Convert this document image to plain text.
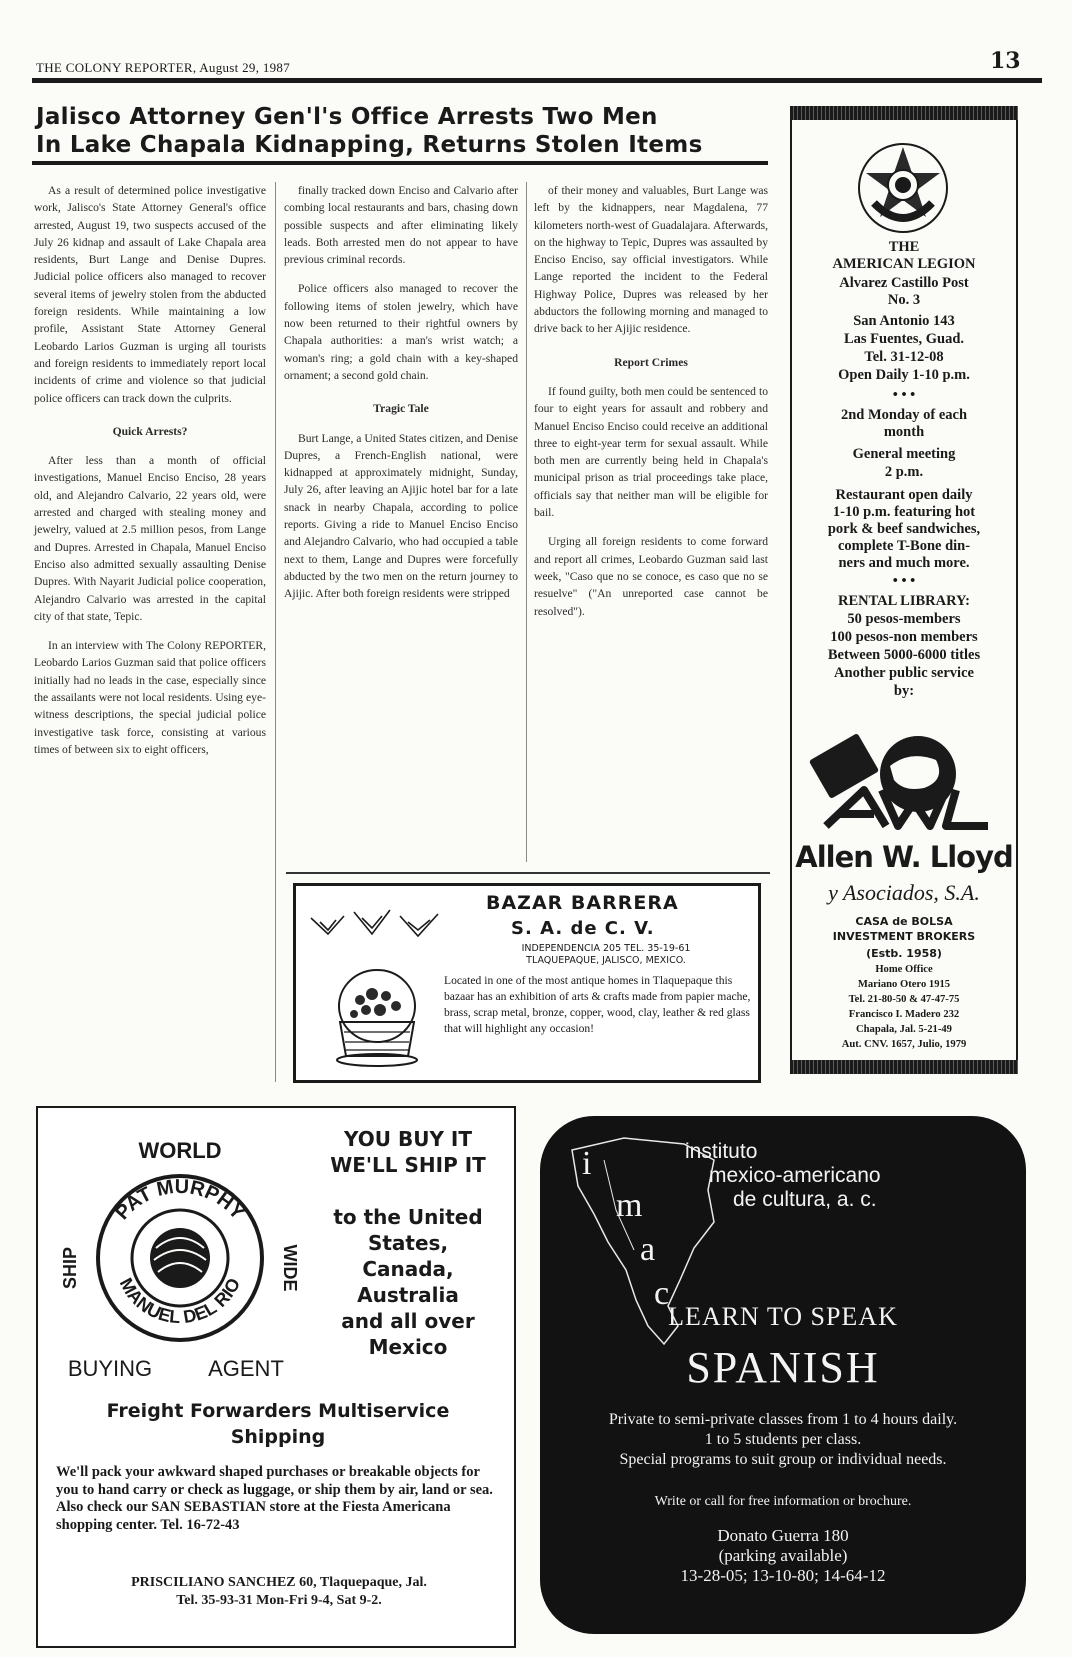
THE COLONY REPORTER, August 29, 1987	13
Jalisco Attorney Gen'l's Office Arrests Two Men
In Lake Chapala Kidnapping, Returns Stolen Items

As a result of determined police investigative work, Jalisco's State Attorney General's office arrested, August 19, two suspects accused of the July 26 kidnap and assault of Lake Chapala area residents, Burt Lange and Denise Dupres. Judicial police officers also managed to recover several items of jewelry stolen from the abducted foreign residents. While maintaining a low profile, Assistant State Attorney General Leobardo Larios Guzman is urging all tourists and foreign residents to immediately report local incidents of crime and violence so that judicial police officers can track down the culprits.

Quick Arrests?

After less than a month of official investigations, Manuel Enciso Enciso, 28 years old, and Alejandro Calvario, 22 years old, were arrested and charged with stealing money and jewelry, valued at 2.5 million pesos, from Lange and Dupres. Arrested in Chapala, Manuel Enciso Enciso also admitted sexually assaulting Denise Dupres. With Nayarit Judicial police cooperation, Alejandro Calvario was arrested in the capital city of that state, Tepic.

In an interview with The Colony REPORTER, Leobardo Larios Guzman said that police officers initially had no leads in the case, especially since the assailants were not local residents. Using eye-witness descriptions, the special judicial police investigative task force, consisting at various times of between six to eight officers,

finally tracked down Enciso and Calvario after combing local restaurants and bars, chasing down possible suspects and after eliminating likely leads. Both arrested men do not appear to have previous criminal records.

Police officers also managed to recover the following items of stolen jewelry, which have now been returned to their rightful owners by Chapala authorities: a man's wrist watch; a woman's ring; a gold chain with a key-shaped ornament; a second gold chain.

Tragic Tale

Burt Lange, a United States citizen, and Denise Dupres, a French-English national, were kidnapped at approximately midnight, Sunday, July 26, after leaving an Ajijic hotel bar for a late snack in nearby Chapala, according to police reports. Giving a ride to Manuel Enciso Enciso and Alejandro Calvario, who had occupied a table next to them, Lange and Dupres were forcefully abducted by the two men on the return journey to Ajijic. After both foreign residents were stripped

of their money and valuables, Burt Lange was left by the kidnappers, near Magdalena, 77 kilometers north-west of Guadalajara. Afterwards, on the highway to Tepic, Dupres was assaulted by Enciso Enciso, say official investigators. While Lange reported the incident to the Federal Highway Police, Dupres was released by her abductors the following morning and managed to drive back to her Ajijic residence.

Report Crimes

If found guilty, both men could be sentenced to four to eight years for assault and robbery and Manuel Enciso Enciso could receive an additional three to eight-year term for sexual assault. While both men are currently being held in Chapala's municipal prison as trial proceedings take place, officials say that neither man will be eligible for bail.

Urging all foreign residents to come forward and report all crimes, Leobardo Guzman said last week, "Caso que no se conoce, es caso que no se resuelve" ("An unreported case cannot be resolved").

BAZAR BARRERA
S. A. de C. V.
INDEPENDENCIA 205 TEL. 35-19-61
TLAQUEPAQUE, JALISCO, MEXICO.
Located in one of the most antique homes in Tlaquepaque this bazaar has an exhibition of arts & crafts made from papier mache, brass, scrap metal, bronze, copper, wood, clay, leather & red glass that will highlight any occasion!
THE
AMERICAN LEGION
Alvarez Castillo Post
No. 3
San Antonio 143
Las Fuentes, Guad.
Tel. 31-12-08
Open Daily 1-10 p.m.
• • •
2nd Monday of each
month
General meeting
2 p.m.
Restaurant open daily
1-10 p.m. featuring hot
pork & beef sandwiches,
complete T-Bone din-
ners and much more.
• • •
RENTAL LIBRARY:
50 pesos-members
100 pesos-non members
Between 5000-6000 titles
Another public service
by:
Allen W. Lloyd
y Asociados, S.A.
CASA de BOLSA
INVESTMENT BROKERS
(Estb. 1958)
Home Office
Mariano Otero 1915
Tel. 21-80-50 & 47-47-75
Francisco I. Madero 232
Chapala, Jal. 5-21-49
Aut. CNV. 1657, Julio, 1979
PAT MURPHY
MANUEL DEL RIO
WORLD
SHIP	WIDE
BUYING	AGENT
YOU BUY IT
WE'LL SHIP IT
to the United
States,
Canada,
Australia
and all over
Mexico
Freight Forwarders Multiservice
Shipping
We'll pack your awkward shaped purchases or breakable objects for you to hand carry or check as luggage, or ship them by air, land or sea. Also check our SAN SEBASTIAN store at the Fiesta Americana shopping center. Tel. 16-72-43
PRISCILIANO SANCHEZ 60, Tlaquepaque, Jal.
Tel. 35-93-31 Mon-Fri 9-4, Sat 9-2.
i
m
a
c
instituto
mexico-americano
de cultura, a. c.
LEARN TO SPEAK
SPANISH
Private to semi-private classes from 1 to 4 hours daily.
1 to 5 students per class.
Special programs to suit group or individual needs.
Write or call for free information or brochure.
Donato Guerra 180
(parking available)
13-28-05; 13-10-80; 14-64-12
